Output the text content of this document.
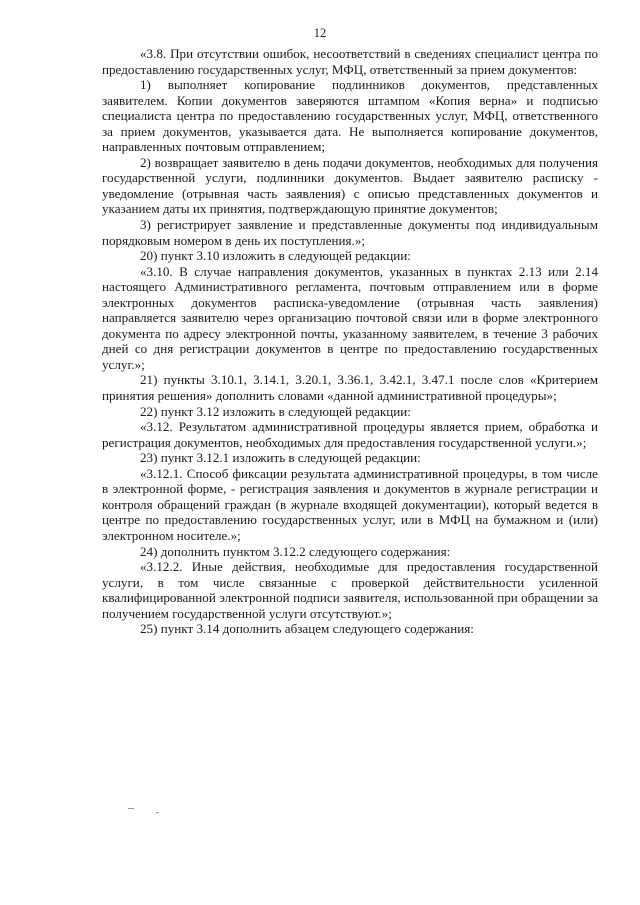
12

«3.8. При отсутствии ошибок, несоответствий в сведениях специалист центра по предоставлению государственных услуг, МФЦ, ответственный за прием документов:

1) выполняет копирование подлинников документов, представленных заявителем. Копии документов заверяются штампом «Копия верна» и подписью специалиста центра по предоставлению государственных услуг, МФЦ, ответственного за прием документов, указывается дата. Не выполняется копирование документов, направленных почтовым отправлением;

2) возвращает заявителю в день подачи документов, необходимых для получения государственной услуги, подлинники документов. Выдает заявителю расписку - уведомление (отрывная часть заявления) с описью представленных документов и указанием даты их принятия, подтверждающую принятие документов;

3) регистрирует заявление и представленные документы под индивидуальным порядковым номером в день их поступления.»;

20) пункт 3.10 изложить в следующей редакции:

«3.10. В случае направления документов, указанных в пунктах 2.13 или 2.14 настоящего Административного регламента, почтовым отправлением или в форме электронных документов расписка-уведомление (отрывная часть заявления) направляется заявителю через организацию почтовой связи или в форме электронного документа по адресу электронной почты, указанному заявителем, в течение 3 рабочих дней со дня регистрации документов в центре по предоставлению государственных услуг.»;

21) пункты 3.10.1, 3.14.1, 3.20.1, 3.36.1, 3.42.1, 3.47.1 после слов «Критерием принятия решения» дополнить словами «данной административной процедуры»;

22) пункт 3.12 изложить в следующей редакции:

«3.12. Результатом административной процедуры является прием, обработка и регистрация документов, необходимых для предоставления государственной услуги.»;

23) пункт 3.12.1 изложить в следующей редакции:

«3.12.1. Способ фиксации результата административной процедуры, в том числе в электронной форме, - регистрация заявления и документов в журнале регистрации и контроля обращений граждан (в журнале входящей документации), который ведется в центре по предоставлению государственных услуг, или в МФЦ на бумажном и (или) электронном носителе.»;

24) дополнить пунктом 3.12.2 следующего содержания:

«3.12.2. Иные действия, необходимые для предоставления государственной услуги, в том числе связанные с проверкой действительности усиленной квалифицированной электронной подписи заявителя, использованной при обращении за получением государственной услуги отсутствуют.»;

25) пункт 3.14 дополнить абзацем следующего содержания:
